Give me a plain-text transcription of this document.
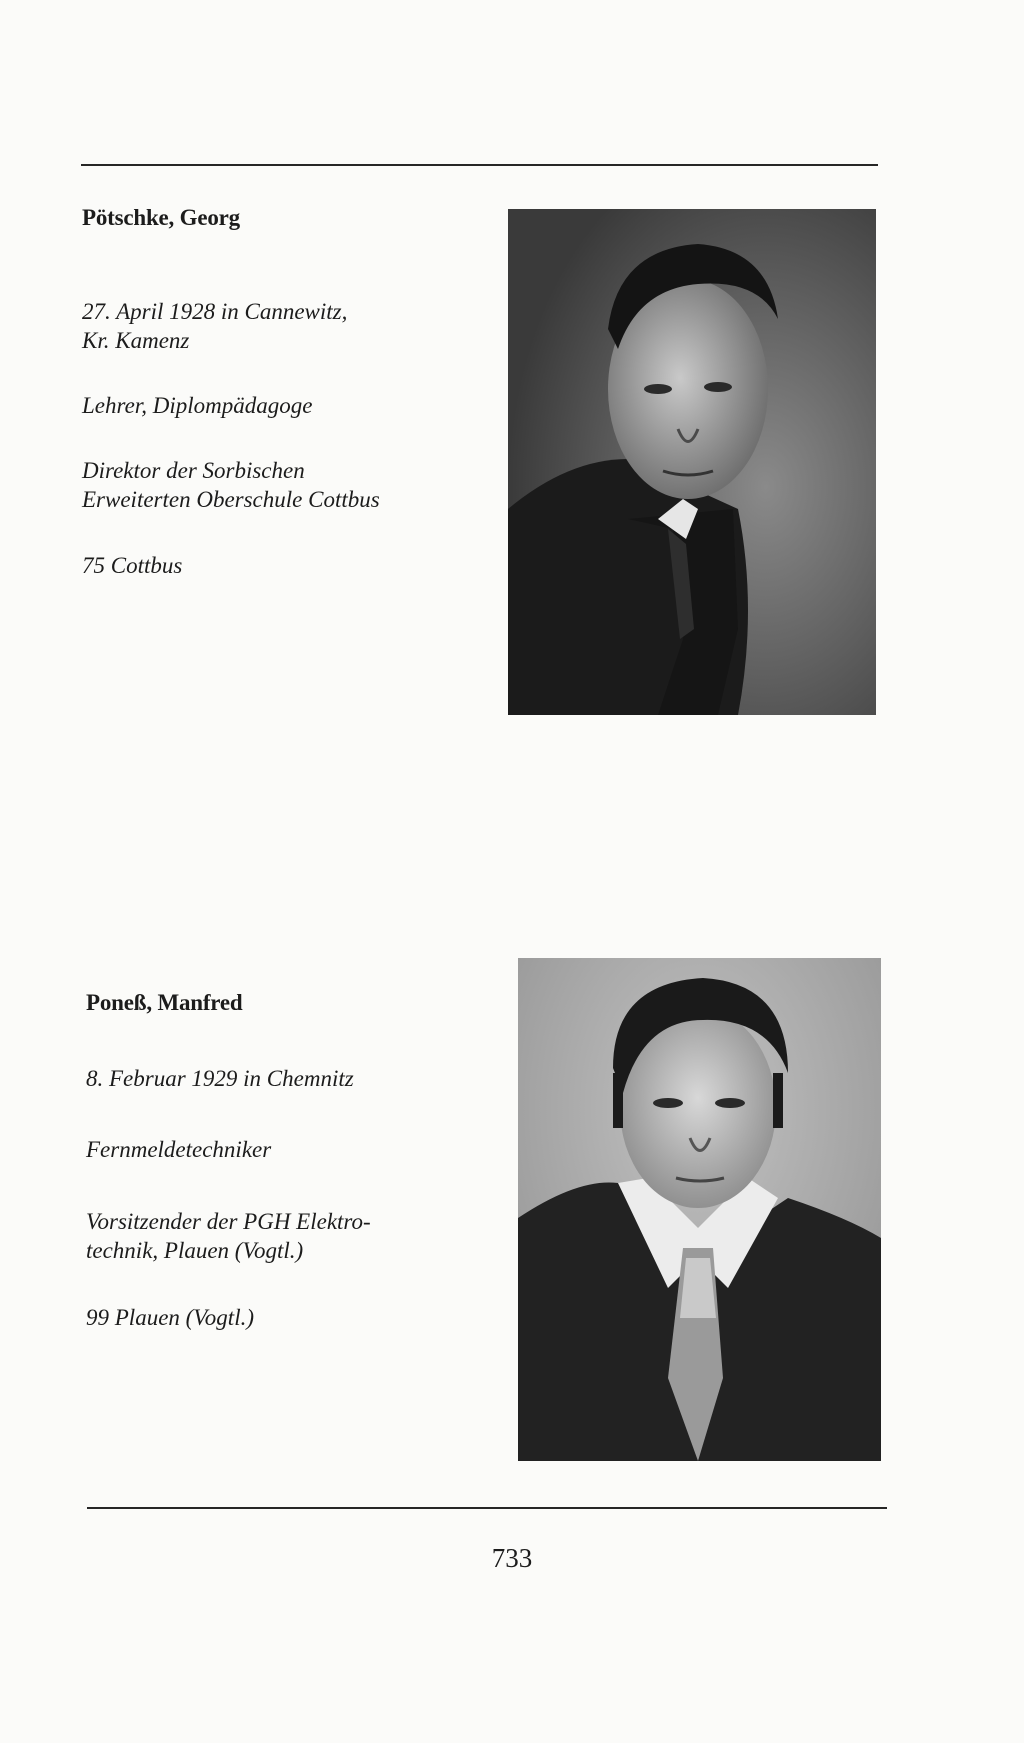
Pötschke, Georg

27. April 1928 in Cannewitz,
Kr. Kamenz

Lehrer, Diplompädagoge

Direktor der Sorbischen
Erweiterten Oberschule Cottbus

75 Cottbus

Poneß, Manfred

8. Februar 1929 in Chemnitz

Fernmeldetechniker

Vorsitzender der PGH Elektro-
technik, Plauen (Vogtl.)

99 Plauen (Vogtl.)

733
